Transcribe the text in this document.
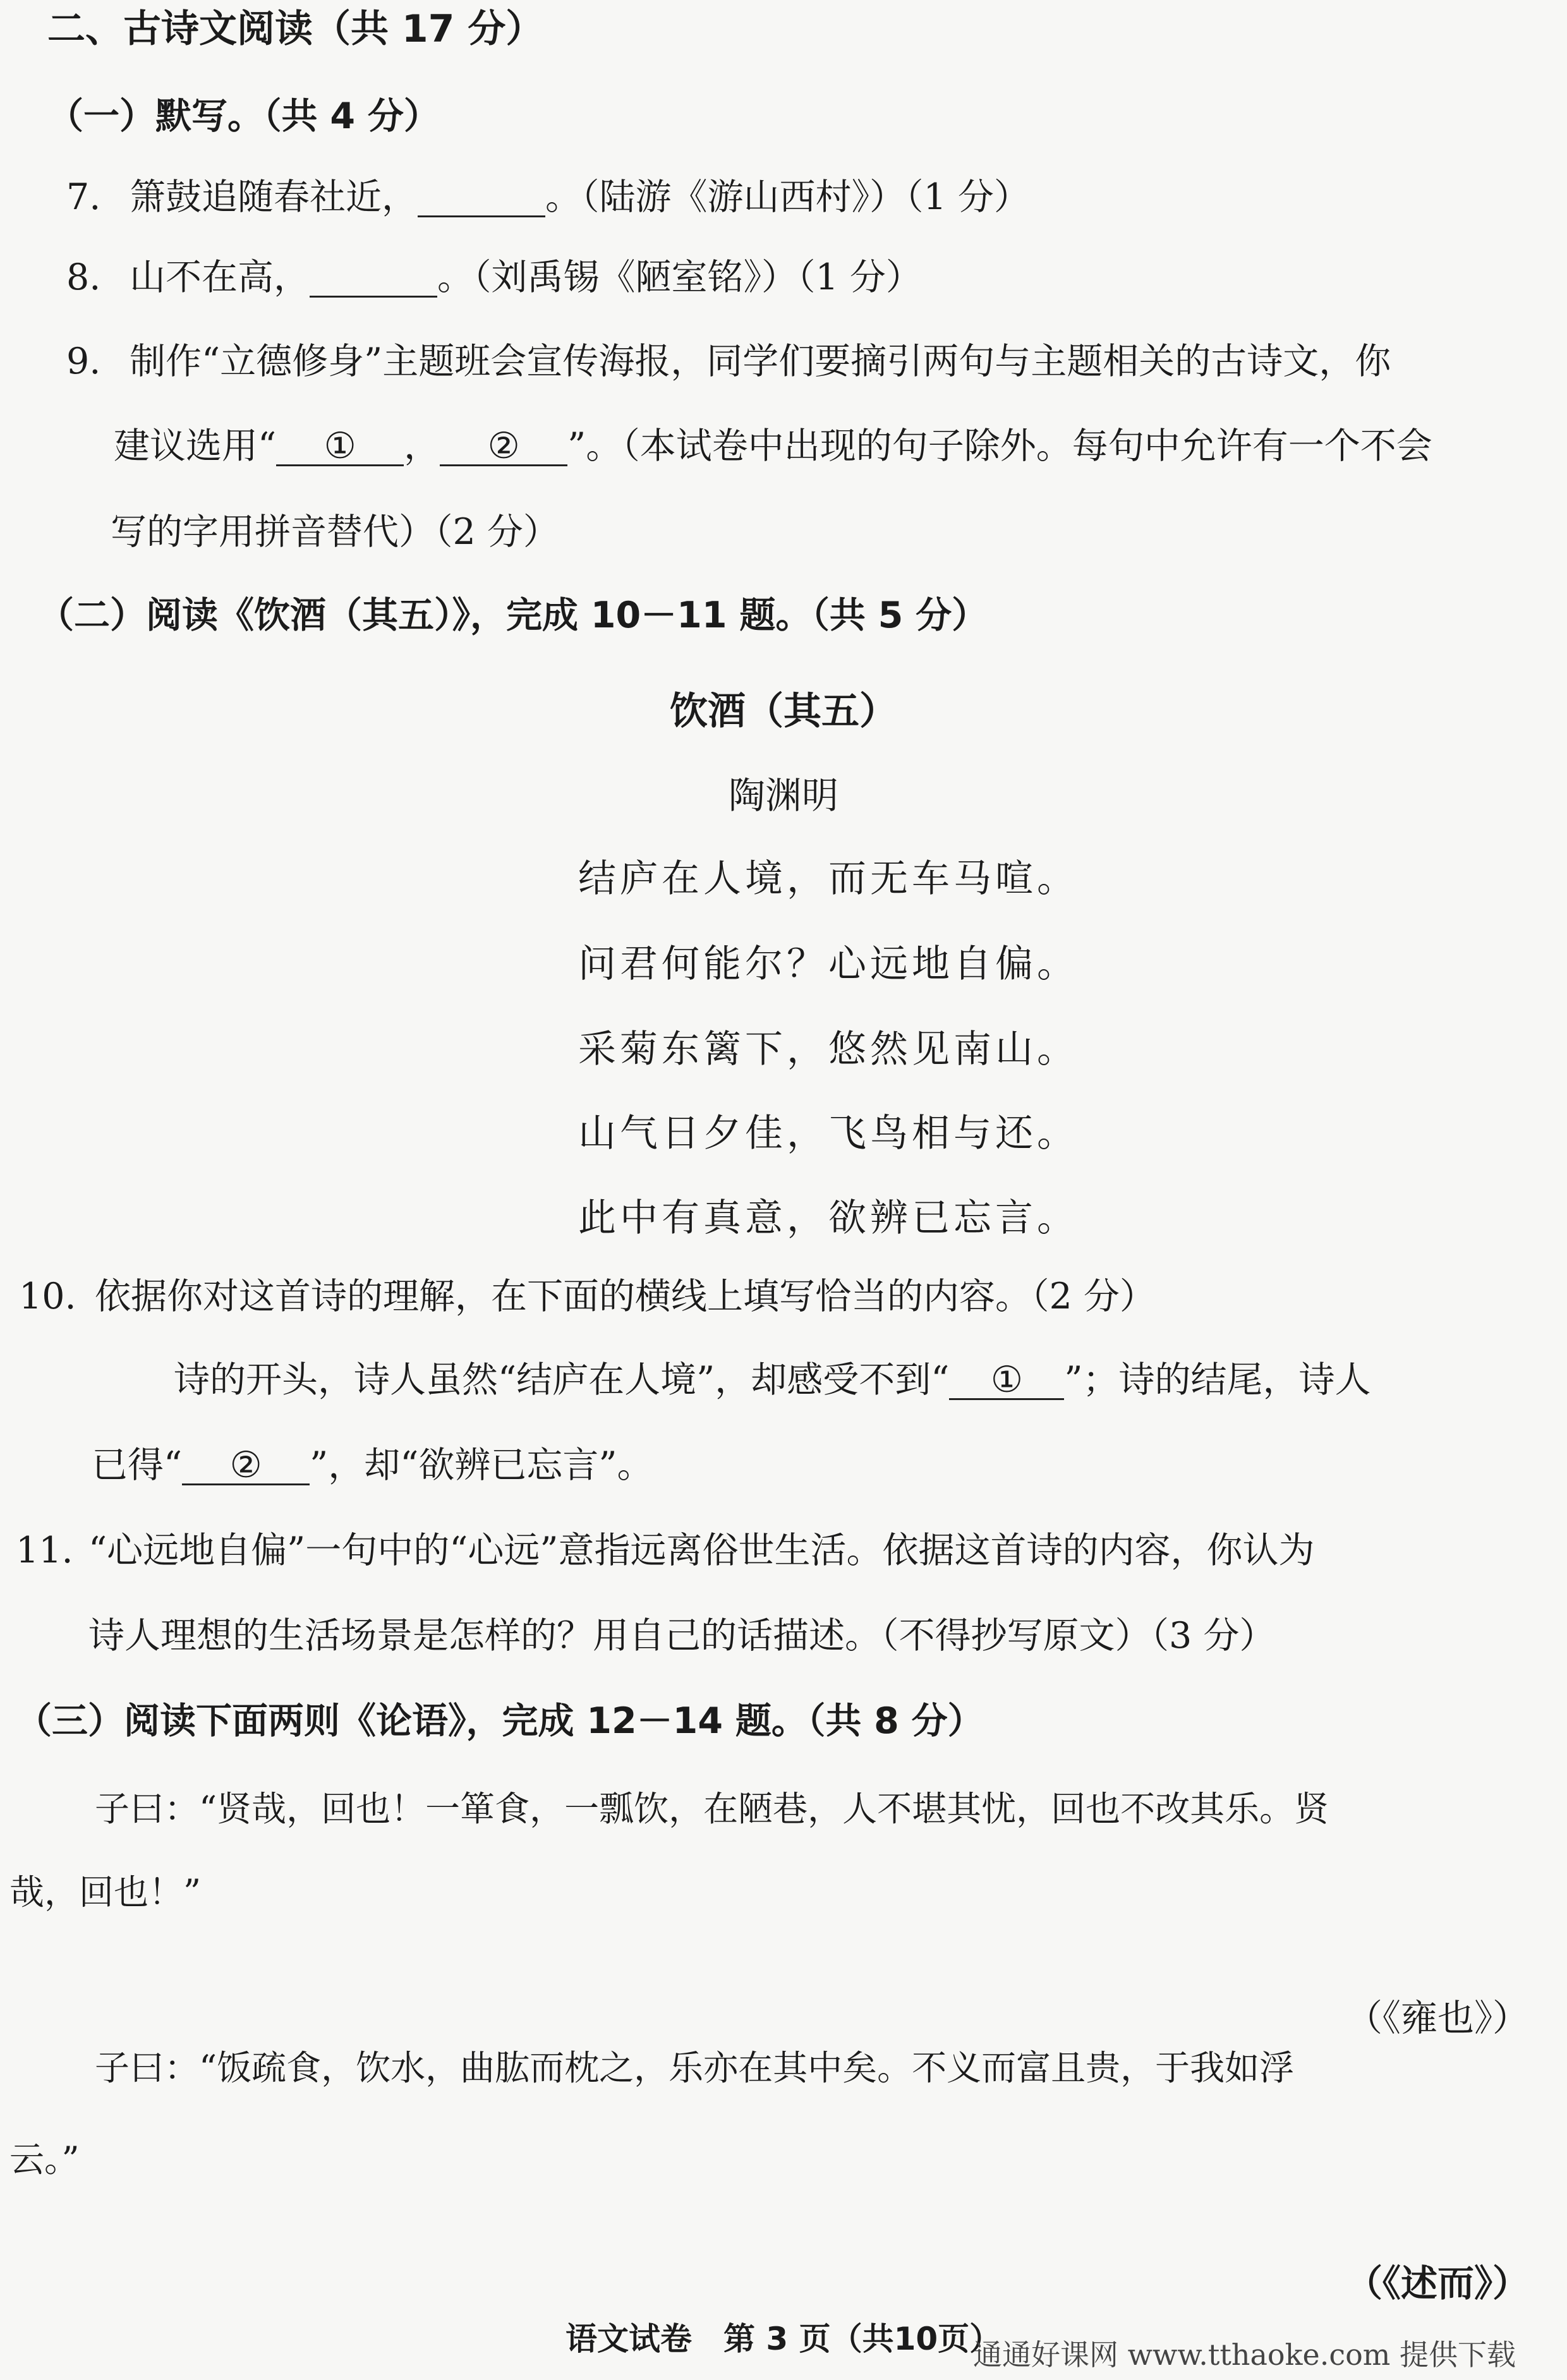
二、古诗文阅读（共 17 分）
（一）默写。（共 4 分）
7. 箫鼓追随春社近，	。（陆游《游山西村》）（1 分）
8. 山不在高，	。（刘禹锡《陋室铭》）（1 分）
9. 制作“立德修身”主题班会宣传海报，同学们要摘引两句与主题相关的古诗文，你
建议选用“ ① ， ② ”。（本试卷中出现的句子除外。每句中允许有一个不会
写的字用拼音替代）（2 分）
（二）阅读《饮酒（其五）》，完成 10－11 题。（共 5 分）
饮酒（其五）
陶渊明
结庐在人境，而无车马喧。
问君何能尔？心远地自偏。
采菊东篱下，悠然见南山。
山气日夕佳，飞鸟相与还。
此中有真意，欲辨已忘言。
10. 依据你对这首诗的理解，在下面的横线上填写恰当的内容。（2 分）
诗的开头，诗人虽然“结庐在人境”，却感受不到“ ① ”；诗的结尾，诗人
已得“ ② ”，却“欲辨已忘言”。
11. “心远地自偏”一句中的“心远”意指远离俗世生活。依据这首诗的内容，你认为
诗人理想的生活场景是怎样的？用自己的话描述。（不得抄写原文）（3 分）
（三）阅读下面两则《论语》，完成 12－14 题。（共 8 分）
子曰：“贤哉，回也！一箪食，一瓢饮，在陋巷，人不堪其忧，回也不改其乐。贤
哉，回也！”
（《雍也》）
子曰：“饭疏食，饮水，曲肱而枕之，乐亦在其中矣。不义而富且贵，于我如浮
云。”
（《述而》）
语文试卷　第 3 页（共10页）
通通好课网 www.tthaoke.com 提供下载
